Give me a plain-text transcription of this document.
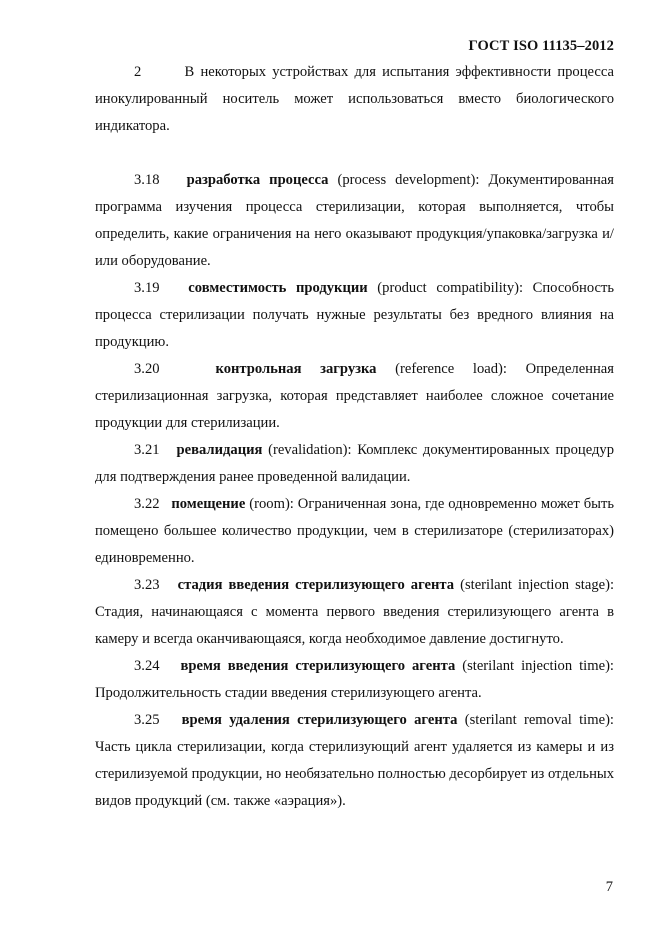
ГОСТ ISO 11135–2012

2	В некоторых устройствах для испытания эффективности процесса инокулированный носитель может использоваться вместо биологического индикатора.

3.18 разработка процесса (process development): Документированная программа изучения процесса стерилизации, которая выполняется, чтобы определить, какие ограничения на него оказывают продукция/упаковка/загрузка и/или оборудование.

3.19 совместимость продукции (product compatibility): Способность процесса стерилизации получать нужные результаты без вредного влияния на продукцию.

3.20	контрольная загрузка (reference load): Определенная стерилизационная загрузка, которая представляет наиболее сложное сочетание продукции для стерилизации.

3.21 ревалидация (revalidation): Комплекс документированных процедур для подтверждения ранее проведенной валидации.

3.22 помещение (room): Ограниченная зона, где одновременно может быть помещено большее количество продукции, чем в стерилизаторе (стерилизаторах) единовременно.

3.23 стадия введения стерилизующего агента (sterilant injection stage): Стадия, начинающаяся с момента первого введения стерилизующего агента в камеру и всегда оканчивающаяся, когда необходимое давление достигнуто.

3.24 время введения стерилизующего агента (sterilant injection time): Продолжительность стадии введения стерилизующего агента.

3.25 время удаления стерилизующего агента (sterilant removal time): Часть цикла стерилизации, когда стерилизующий агент удаляется из камеры и из стерилизуемой продукции, но необязательно полностью десорбирует из отдельных видов продукций (см. также «аэрация»).

7
